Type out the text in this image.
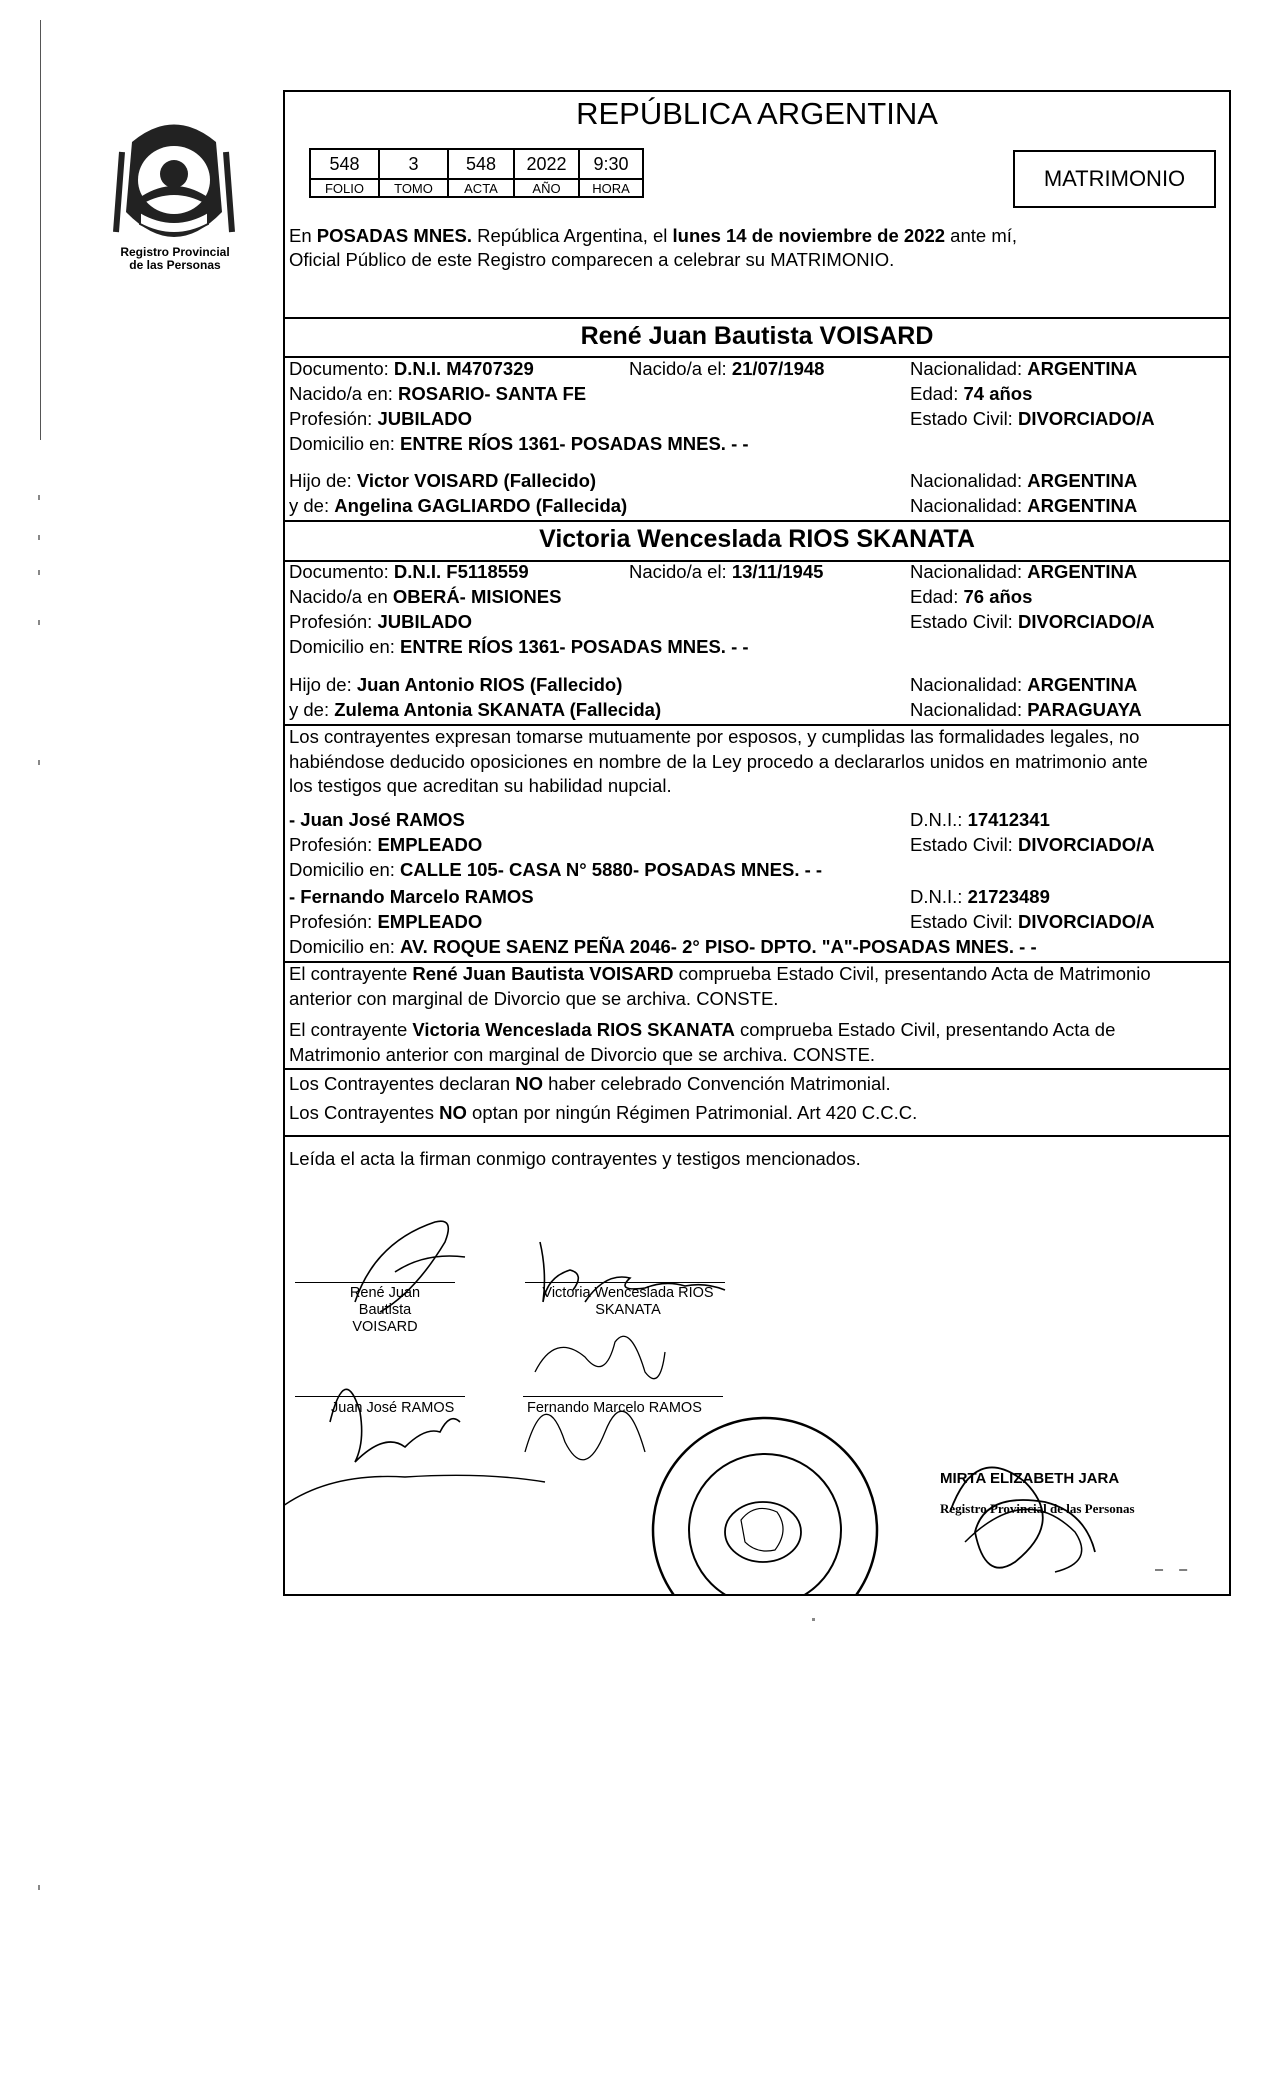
Registro Provincial
de las Personas
REPÚBLICA ARGENTINA
548	3	548	2022	9:30
FOLIO	TOMO	ACTA	AÑO	HORA	MATRIMONIO
En POSADAS MNES. República Argentina, el lunes 14 de noviembre de 2022 ante mí,
Oficial Público de este Registro comparecen a celebrar su MATRIMONIO.
René Juan Bautista VOISARD
Documento: D.N.I. M4707329	Nacido/a el: 21/07/1948	Nacionalidad: ARGENTINA
Nacido/a en: ROSARIO- SANTA FE	Edad: 74 años
Profesión: JUBILADO	Estado Civil: DIVORCIADO/A
Domicilio en: ENTRE RÍOS 1361- POSADAS MNES. - -
Hijo de: Victor VOISARD (Fallecido)	Nacionalidad: ARGENTINA
y de: Angelina GAGLIARDO (Fallecida)	Nacionalidad: ARGENTINA
Victoria Wenceslada RIOS SKANATA
Documento: D.N.I. F5118559	Nacido/a el: 13/11/1945	Nacionalidad: ARGENTINA
Nacido/a en OBERÁ- MISIONES	Edad: 76 años
Profesión: JUBILADO	Estado Civil: DIVORCIADO/A
Domicilio en: ENTRE RÍOS 1361- POSADAS MNES. - -
Hijo de: Juan Antonio RIOS (Fallecido)	Nacionalidad: ARGENTINA
y de: Zulema Antonia SKANATA (Fallecida)	Nacionalidad: PARAGUAYA
Los contrayentes expresan tomarse mutuamente por esposos, y cumplidas las formalidades legales, no
habiéndose deducido oposiciones en nombre de la Ley procedo a declararlos unidos en matrimonio ante
los testigos que acreditan su habilidad nupcial.
- Juan José RAMOS	D.N.I.: 17412341
Profesión: EMPLEADO	Estado Civil: DIVORCIADO/A
Domicilio en: CALLE 105- CASA N° 5880- POSADAS MNES. - -
- Fernando Marcelo RAMOS	D.N.I.: 21723489
Profesión: EMPLEADO	Estado Civil: DIVORCIADO/A
Domicilio en: AV. ROQUE SAENZ PEÑA 2046- 2° PISO- DPTO. "A"-POSADAS MNES. - -
El contrayente René Juan Bautista VOISARD comprueba Estado Civil, presentando Acta de Matrimonio
anterior con marginal de Divorcio que se archiva. CONSTE.
El contrayente Victoria Wenceslada RIOS SKANATA comprueba Estado Civil, presentando Acta de
Matrimonio anterior con marginal de Divorcio que se archiva. CONSTE.
Los Contrayentes declaran NO haber celebrado Convención Matrimonial.
Los Contrayentes NO optan por ningún Régimen Patrimonial. Art 420 C.C.C.
Leída el acta la firman conmigo contrayentes y testigos mencionados.
René Juan Bautista
VOISARD
Victoria Wenceslada RIOS
SKANATA
Juan José RAMOS	Fernando Marcelo RAMOS
MIRTA ELIZABETH JARA
Registro Provincial de las Personas
– –
